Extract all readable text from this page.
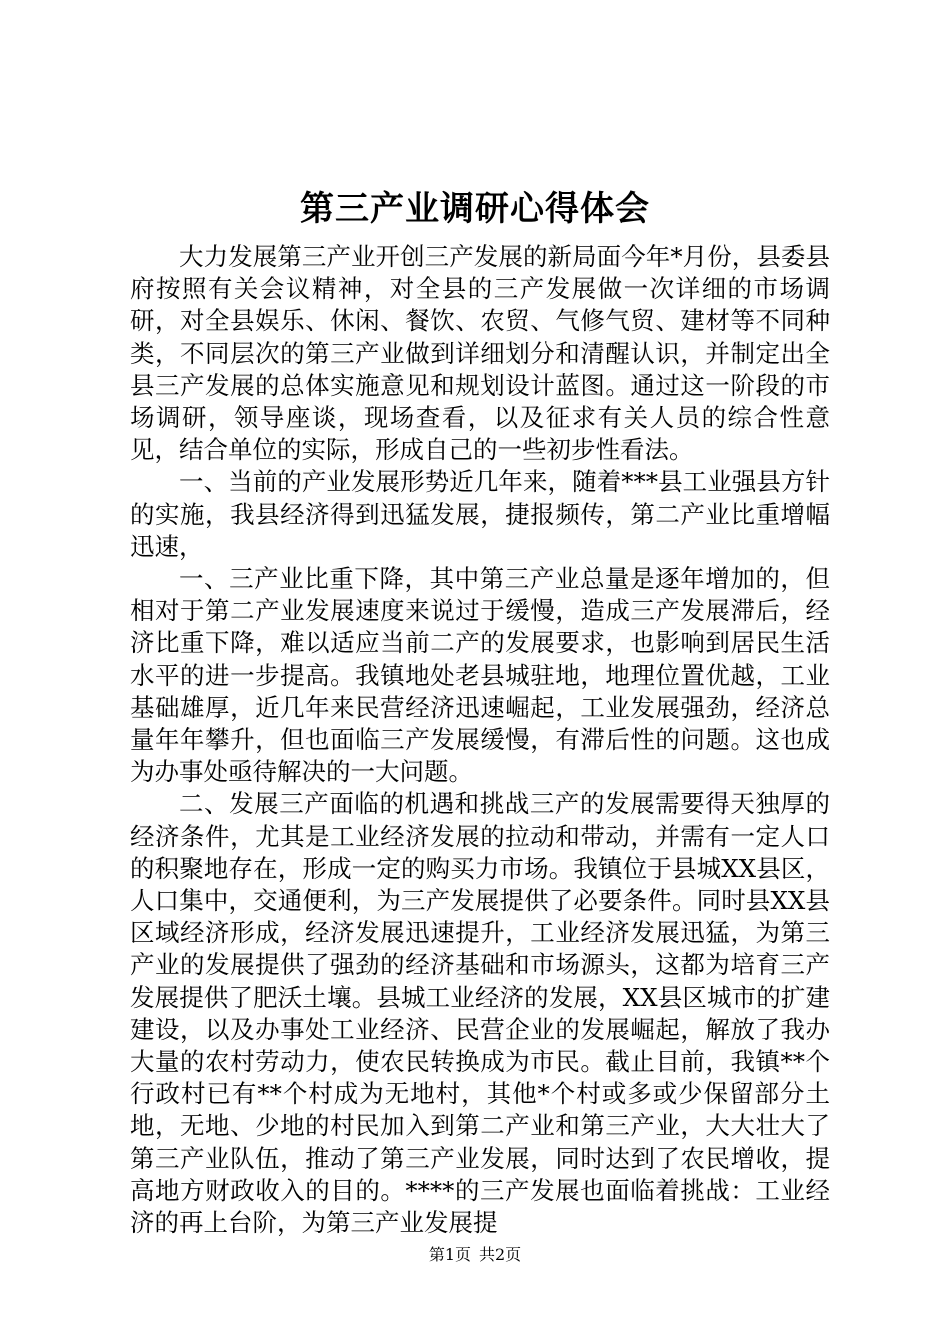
第三产业调研心得体会

大力发展第三产业开创三产发展的新局面今年*月份，县委县府按照有关会议精神，对全县的三产发展做一次详细的市场调研，对全县娱乐、休闲、餐饮、农贸、气修气贸、建材等不同种类，不同层次的第三产业做到详细划分和清醒认识，并制定出全县三产发展的总体实施意见和规划设计蓝图。通过这一阶段的市场调研，领导座谈，现场查看，以及征求有关人员的综合性意见，结合单位的实际，形成自己的一些初步性看法。

一、当前的产业发展形势近几年来，随着***县工业强县方针的实施，我县经济得到迅猛发展，捷报频传，第二产业比重增幅迅速，

一、三产业比重下降，其中第三产业总量是逐年增加的，但相对于第二产业发展速度来说过于缓慢，造成三产发展滞后，经济比重下降，难以适应当前二产的发展要求，也影响到居民生活水平的进一步提高。我镇地处老县城驻地，地理位置优越，工业基础雄厚，近几年来民营经济迅速崛起，工业发展强劲，经济总量年年攀升，但也面临三产发展缓慢，有滞后性的问题。这也成为办事处亟待解决的一大问题。

二、发展三产面临的机遇和挑战三产的发展需要得天独厚的经济条件，尤其是工业经济发展的拉动和带动，并需有一定人口的积聚地存在，形成一定的购买力市场。我镇位于县城XX县区，人口集中，交通便利，为三产发展提供了必要条件。同时县XX县区域经济形成，经济发展迅速提升，工业经济发展迅猛，为第三产业的发展提供了强劲的经济基础和市场源头，这都为培育三产发展提供了肥沃土壤。县城工业经济的发展，XX县区城市的扩建建设，以及办事处工业经济、民营企业的发展崛起，解放了我办大量的农村劳动力，使农民转换成为市民。截止目前，我镇**个行政村已有**个村成为无地村，其他*个村或多或少保留部分土地，无地、少地的村民加入到第二产业和第三产业，大大壮大了第三产业队伍，推动了第三产业发展，同时达到了农民增收，提高地方财政收入的目的。****的三产发展也面临着挑战：工业经济的再上台阶，为第三产业发展提

第1页 共2页
